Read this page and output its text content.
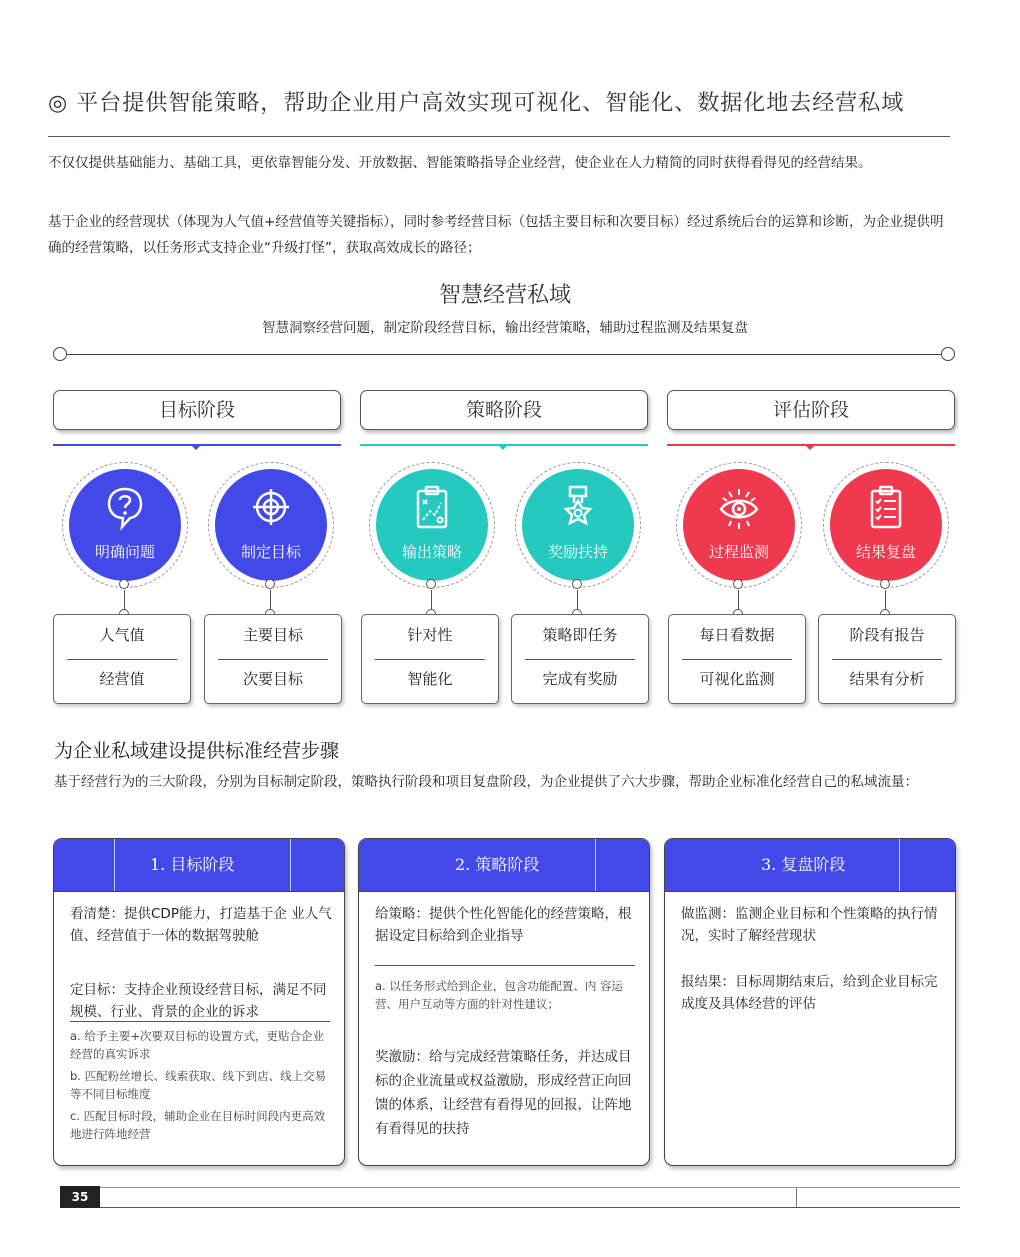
◎ 平台提供智能策略，帮助企业用户高效实现可视化、智能化、数据化地去经营私域
不仅仅提供基础能力、基础工具，更依靠智能分发、开放数据、智能策略指导企业经营，使企业在人力精简的同时获得看得见的经营结果。
基于企业的经营现状（体现为人气值+经营值等关键指标），同时参考经营目标（包括主要目标和次要目标）经过系统后台的运算和诊断，为企业提供明确的经营策略，以任务形式支持企业“升级打怪”，获取高效成长的路径；
智慧经营私域
智慧洞察经营问题，制定阶段经营目标，输出经营策略，辅助过程监测及结果复盘
目标阶段	策略阶段	评估阶段
明确问题	制定目标	输出策略	奖励扶持	过程监测	结果复盘
人气值
经营值
主要目标
次要目标
针对性
智能化
策略即任务
完成有奖励
每日看数据
可视化监测
阶段有报告
结果有分析
为企业私域建设提供标准经营步骤
基于经营行为的三大阶段，分别为目标制定阶段，策略执行阶段和项目复盘阶段，为企业提供了六大步骤，帮助企业标准化经营自己的私域流量：
1. 目标阶段
看清楚：提供CDP能力，打造基于企 业人气值、经营值于一体的数据驾驶舱
定目标：支持企业预设经营目标，满足不同规模、行业、背景的企业的诉求
a. 给予主要+次要双目标的设置方式，更贴合企业经营的真实诉求
b. 匹配粉丝增长、线索获取、线下到店、线上交易等不同目标维度
c. 匹配目标时段，辅助企业在目标时间段内更高效地进行阵地经营
2. 策略阶段
给策略：提供个性化智能化的经营策略，根据设定目标给到企业指导
a. 以任务形式给到企业，包含功能配置、内 容运营、用户互动等方面的针对性建议；
奖激励：给与完成经营策略任务，并达成目标的企业流量或权益激励，形成经营正向回馈的体系，让经营有看得见的回报，让阵地有看得见的扶持
3. 复盘阶段
做监测：监测企业目标和个性策略的执行情况，实时了解经营现状
报结果：目标周期结束后，给到企业目标完成度及具体经营的评估
35
